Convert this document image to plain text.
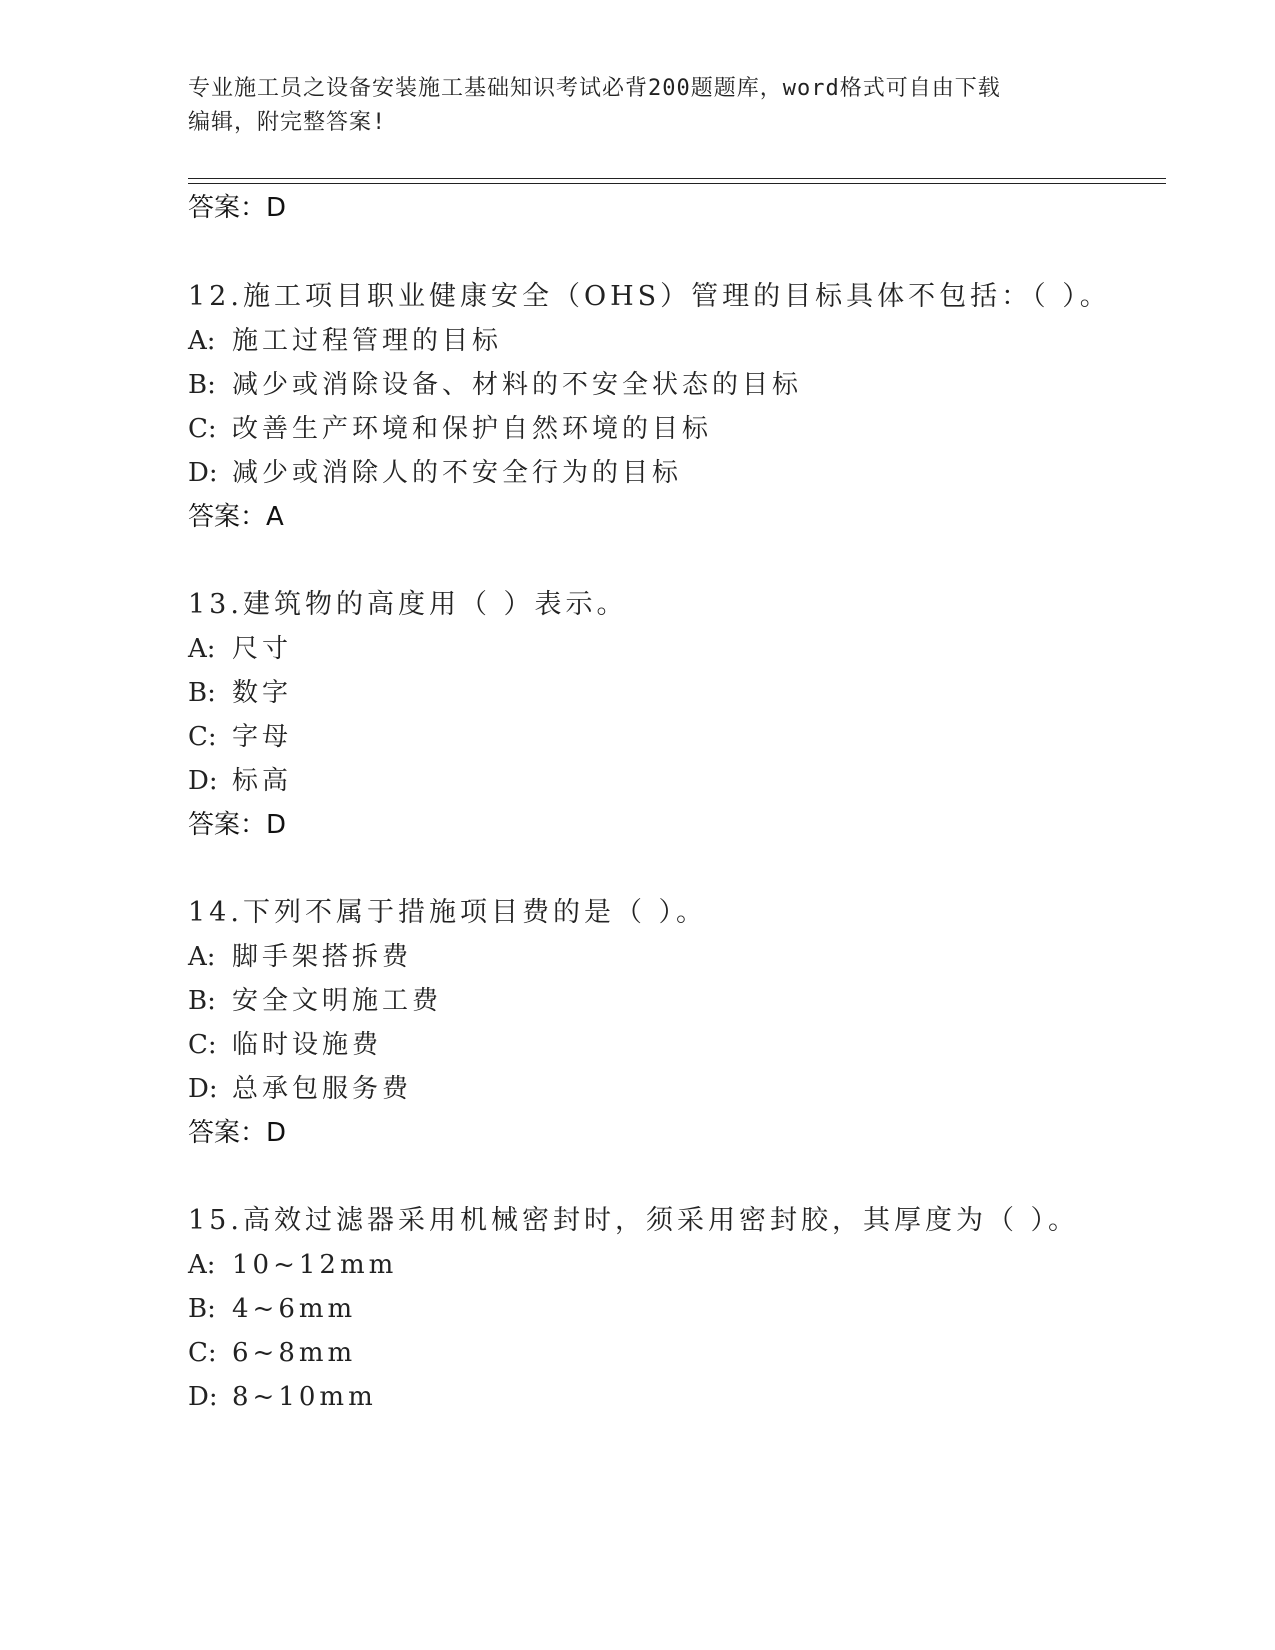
专业施工员之设备安装施工基础知识考试必背200题题库，word格式可自由下载
编辑，附完整答案!

答案：D

12.施工项目职业健康安全（OHS）管理的目标具体不包括：（ ）。

A: 施工过程管理的目标

B: 减少或消除设备、材料的不安全状态的目标

C: 改善生产环境和保护自然环境的目标

D: 减少或消除人的不安全行为的目标

答案：A

13.建筑物的高度用（ ）表示。

A: 尺寸

B: 数字

C: 字母

D: 标高

答案：D

14.下列不属于措施项目费的是（ ）。

A: 脚手架搭拆费

B: 安全文明施工费

C: 临时设施费

D: 总承包服务费

答案：D

15.高效过滤器采用机械密封时，须采用密封胶，其厚度为（ ）。

A: 10~12mm

B: 4~6mm

C: 6~8mm

D: 8~10mm
